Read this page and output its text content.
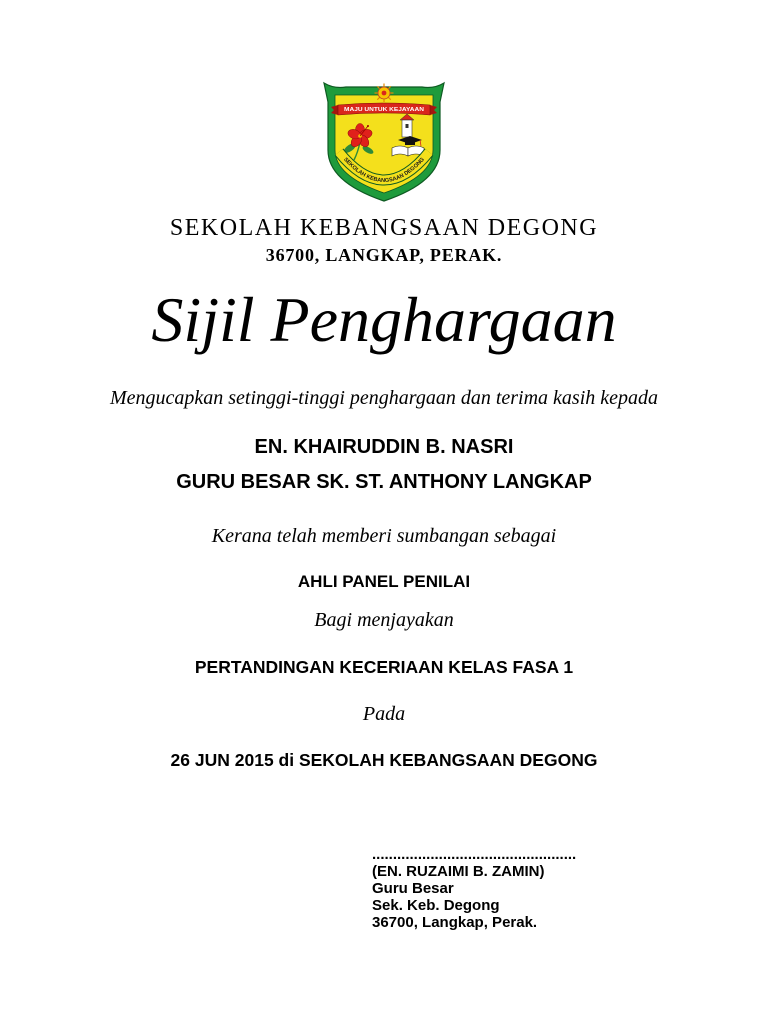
MAJU UNTUK KEJAYAAN
SEKOLAH KEBANGSAAN DEGONG
SEKOLAH KEBANGSAAN DEGONG
36700, LANGKAP, PERAK.
Sijil Penghargaan
Mengucapkan setinggi-tinggi penghargaan dan terima kasih kepada
EN. KHAIRUDDIN B. NASRI
GURU BESAR SK. ST. ANTHONY LANGKAP
Kerana telah memberi sumbangan sebagai
AHLI PANEL PENILAI
Bagi menjayakan
PERTANDINGAN KECERIAAN KELAS FASA 1
Pada
26 JUN 2015 di SEKOLAH KEBANGSAAN DEGONG
.................................................
(EN. RUZAIMI B. ZAMIN)
Guru Besar
Sek. Keb. Degong
36700, Langkap, Perak.
